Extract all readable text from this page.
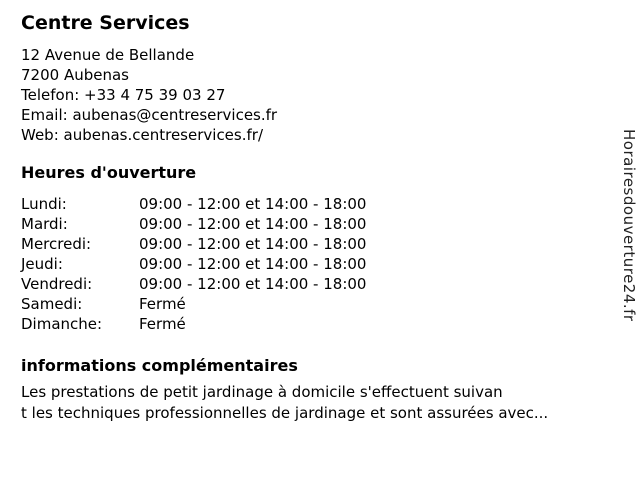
Centre Services
12 Avenue de Bellande
7200 Aubenas
Telefon: +33 4 75 39 03 27
Email: aubenas@centreservices.fr
Web: aubenas.centreservices.fr/
Heures d'ouverture
Lundi:	09:00 - 12:00 et 14:00 - 18:00
Mardi:	09:00 - 12:00 et 14:00 - 18:00
Mercredi:	09:00 - 12:00 et 14:00 - 18:00
Jeudi:	09:00 - 12:00 et 14:00 - 18:00
Vendredi:	09:00 - 12:00 et 14:00 - 18:00
Samedi:	Fermé
Dimanche:	Fermé
informations complémentaires
Les prestations de petit jardinage à domicile s'effectuent suivan
t les techniques professionnelles de jardinage et sont assurées avec...
Horairesdouverture24.fr
